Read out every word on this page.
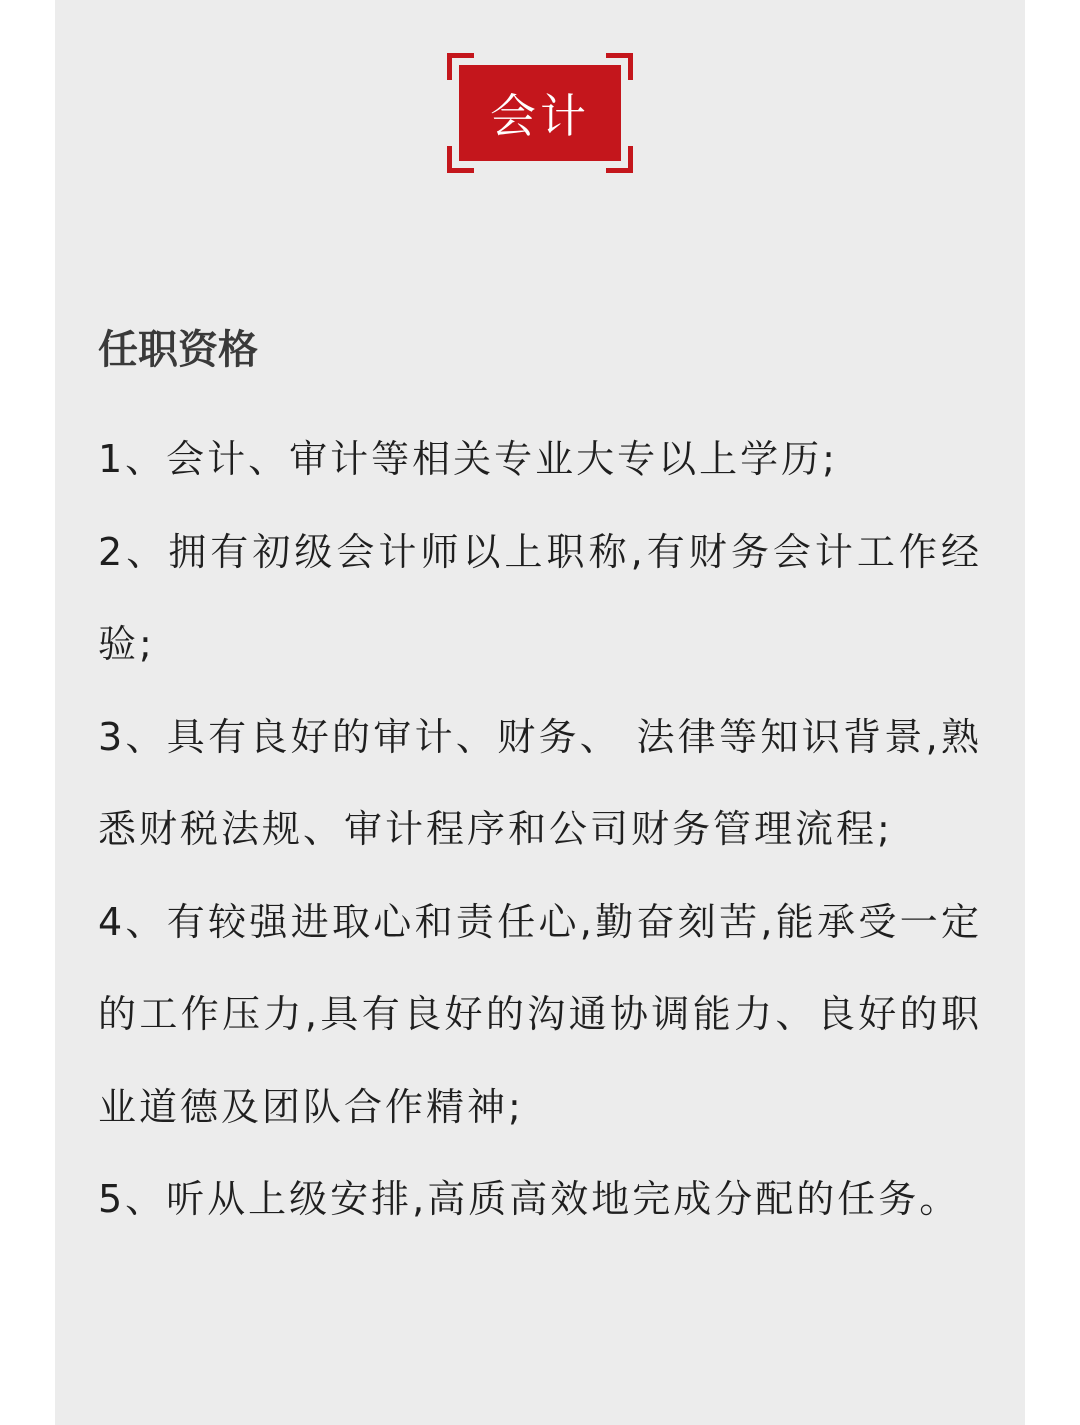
会计
任职资格
1、会计、审计等相关专业大专以上学历;
2、拥有初级会计师以上职称,有财务会计工作经验;
3、具有良好的审计、财务、 法律等知识背景,熟悉财税法规、审计程序和公司财务管理流程;
4、有较强进取心和责任心,勤奋刻苦,能承受一定的工作压力,具有良好的沟通协调能力、良好的职业道德及团队合作精神;
5、听从上级安排,高质高效地完成分配的任务。
